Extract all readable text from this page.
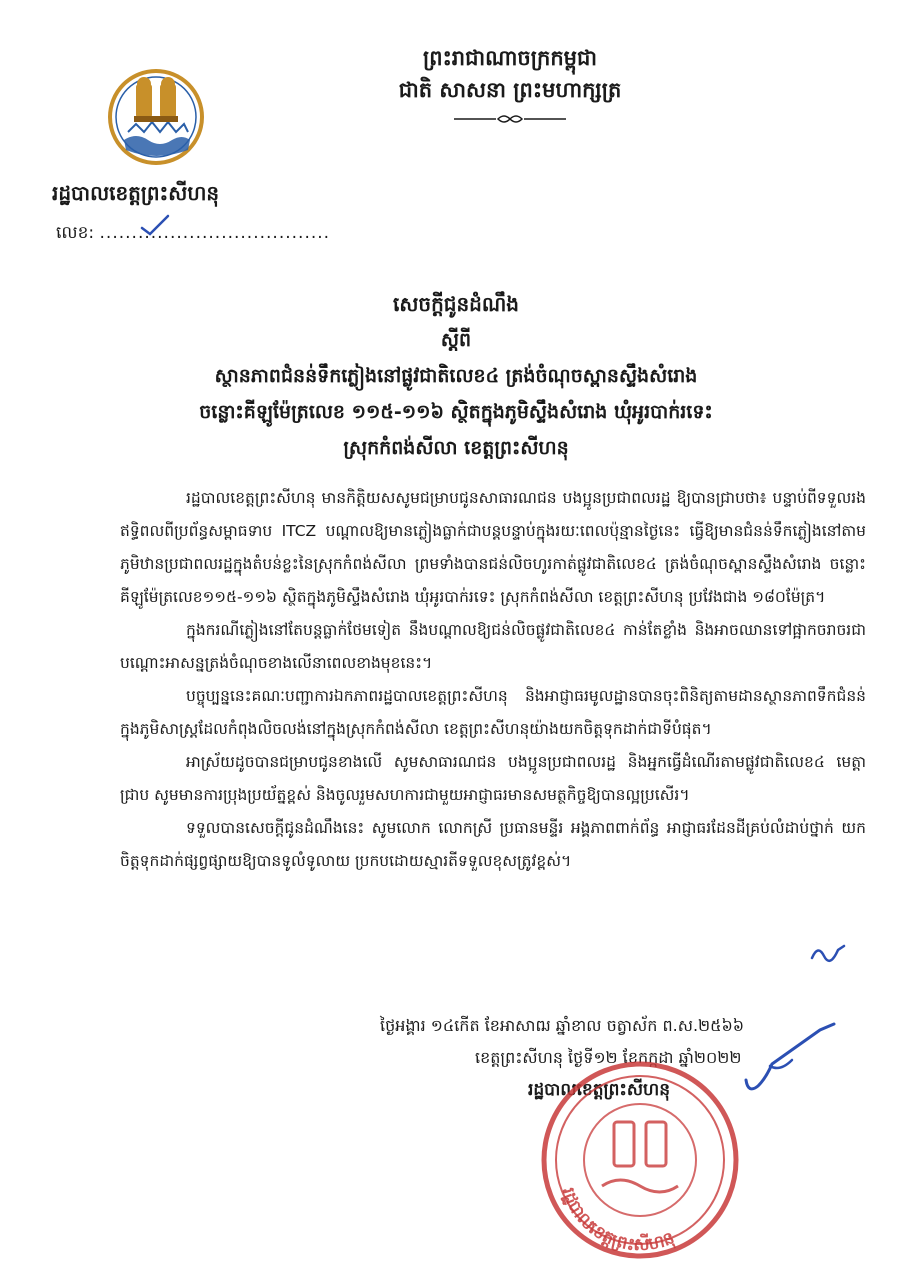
ព្រះរាជាណាចក្រកម្ពុជា
ជាតិ សាសនា ព្រះមហាក្សត្រ
រដ្ឋបាលខេត្តព្រះសីហនុ
លេខ: ....................................
សេចក្តីជូនដំណឹង
ស្តីពី
ស្ថានភាពជំនន់ទឹកភ្លៀងនៅផ្លូវជាតិលេខ៤ ត្រង់ចំណុចស្ពានស្ទឹងសំរោង
ចន្លោះគីឡូម៉ែត្រលេខ ១១៥-១១៦ ស្ថិតក្នុងភូមិស្ទឹងសំរោង ឃុំអូរបាក់រទេះ
ស្រុកកំពង់សីលា ខេត្តព្រះសីហនុ

រដ្ឋបាលខេត្តព្រះសីហនុ មានកិត្តិយសសូមជម្រាបជូនសាធារណជន បងប្អូនប្រជាពលរដ្ឋ ឱ្យបានជ្រាបថា៖ បន្ទាប់ពីទទួលរងឥទ្ធិពលពីប្រព័ន្ធសម្ពាធទាប ITCZ បណ្តាលឱ្យមានភ្លៀងធ្លាក់ជាបន្តបន្ទាប់ក្នុងរយៈពេលប៉ុន្មានថ្ងៃនេះ ធ្វើឱ្យមានជំនន់ទឹកភ្លៀងនៅតាមភូមិឋានប្រជាពលរដ្ឋក្នុងតំបន់ខ្លះនៃស្រុកកំពង់សីលា ព្រមទាំងបានជន់លិចហូរកាត់ផ្លូវជាតិលេខ៤ ត្រង់ចំណុចស្ពានស្ទឹងសំរោង ចន្លោះគីឡូម៉ែត្រលេខ១១៥-១១៦ ស្ថិតក្នុងភូមិស្ទឹងសំរោង ឃុំអូរបាក់រទេះ ស្រុកកំពង់សីលា ខេត្តព្រះសីហនុ ប្រវែងជាង ១៨០ម៉ែត្រ។

ក្នុងករណីភ្លៀងនៅតែបន្តធ្លាក់ថែមទៀត នឹងបណ្តាលឱ្យជន់លិចផ្លូវជាតិលេខ៤ កាន់តែខ្លាំង និងអាចឈានទៅផ្អាកចរាចរជាបណ្តោះអាសន្នត្រង់ចំណុចខាងលើនាពេលខាងមុខនេះ។

បច្ចុប្បន្ននេះគណៈបញ្ជាការឯកភាពរដ្ឋបាលខេត្តព្រះសីហនុ និងអាជ្ញាធរមូលដ្ឋានបានចុះពិនិត្យតាមដានស្ថានភាពទឹកជំនន់ក្នុងភូមិសាស្ត្រដែលកំពុងលិចលង់នៅក្នុងស្រុកកំពង់សីលា ខេត្តព្រះសីហនុយ៉ាងយកចិត្តទុកដាក់ជាទីបំផុត។

អាស្រ័យដូចបានជម្រាបជូនខាងលើ សូមសាធារណជន បងប្អូនប្រជាពលរដ្ឋ និងអ្នកធ្វើដំណើរតាមផ្លូវជាតិលេខ៤ មេត្តាជ្រាប សូមមានការប្រុងប្រយ័ត្នខ្ពស់ និងចូលរួមសហការជាមួយអាជ្ញាធរមានសមត្ថកិច្ចឱ្យបានល្អប្រសើរ។

ទទួលបានសេចក្តីជូនដំណឹងនេះ សូមលោក លោកស្រី ប្រធានមន្ទីរ អង្គភាពពាក់ព័ន្ធ អាជ្ញាធរដែនដីគ្រប់លំដាប់ថ្នាក់ យកចិត្តទុកដាក់ផ្សព្វផ្សាយឱ្យបានទូលំទូលាយ ប្រកបដោយស្មារតីទទួលខុសត្រូវខ្ពស់។

ថ្ងៃអង្គារ ១៤កើត ខែអាសាឍ ឆ្នាំខាល ចត្វាស័ក ព.ស.២៥៦៦
ខេត្តព្រះសីហនុ ថ្ងៃទី១២ ខែកក្កដា ឆ្នាំ២០២២
រដ្ឋបាលខេត្តព្រះសីហនុ
រដ្ឋបាលខេត្តព្រះសីហនុ
